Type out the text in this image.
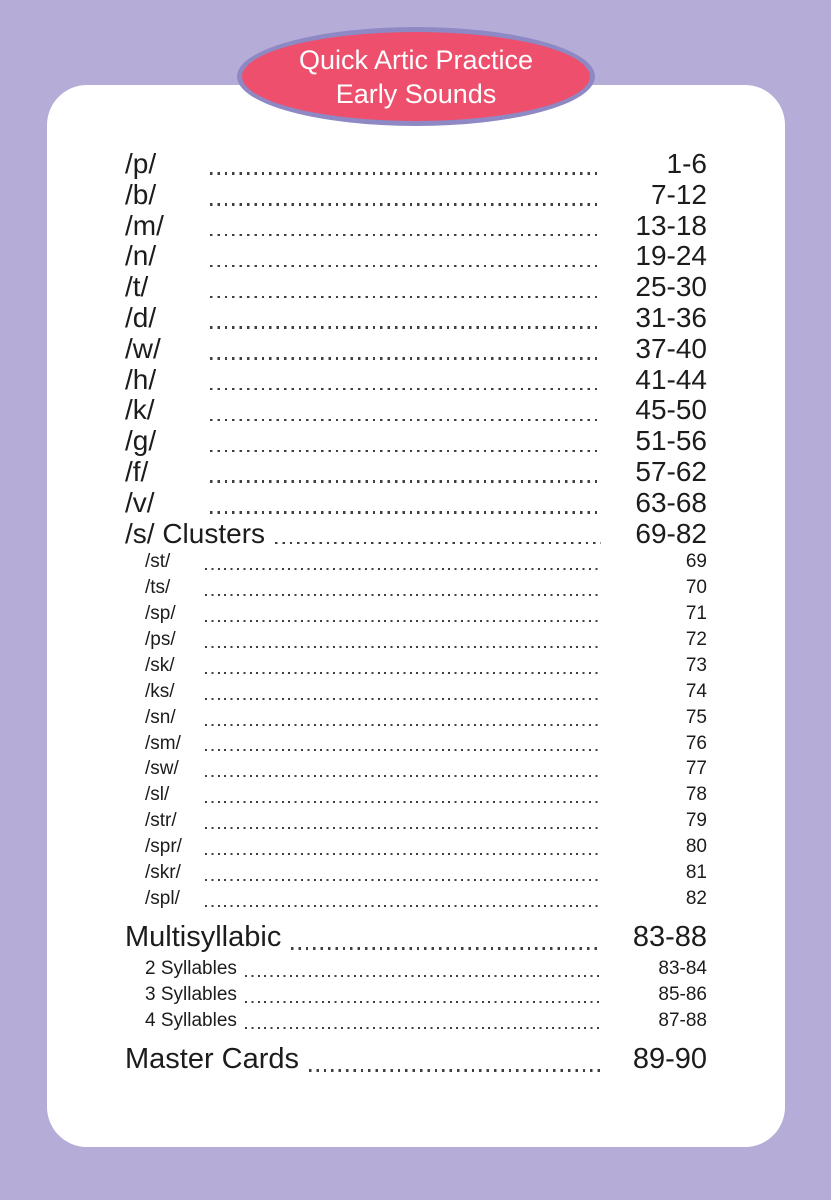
/p/	1-6
/b/	7-12
/m/	13-18
/n/	19-24
/t/	25-30
/d/	31-36
/w/	37-40
/h/	41-44
/k/	45-50
/g/	51-56
/f/	57-62
/v/	63-68
/s/ Clusters	69-82
/st/	69
/ts/	70
/sp/	71
/ps/	72
/sk/	73
/ks/	74
/sn/	75
/sm/	76
/sw/	77
/sl/	78
/str/	79
/spr/	80
/skr/	81
/spl/	82
Multisyllabic	83-88
2 Syllables	83-84
3 Syllables	85-86
4 Syllables	87-88
Master Cards	89-90
Quick Artic Practice
Early Sounds
